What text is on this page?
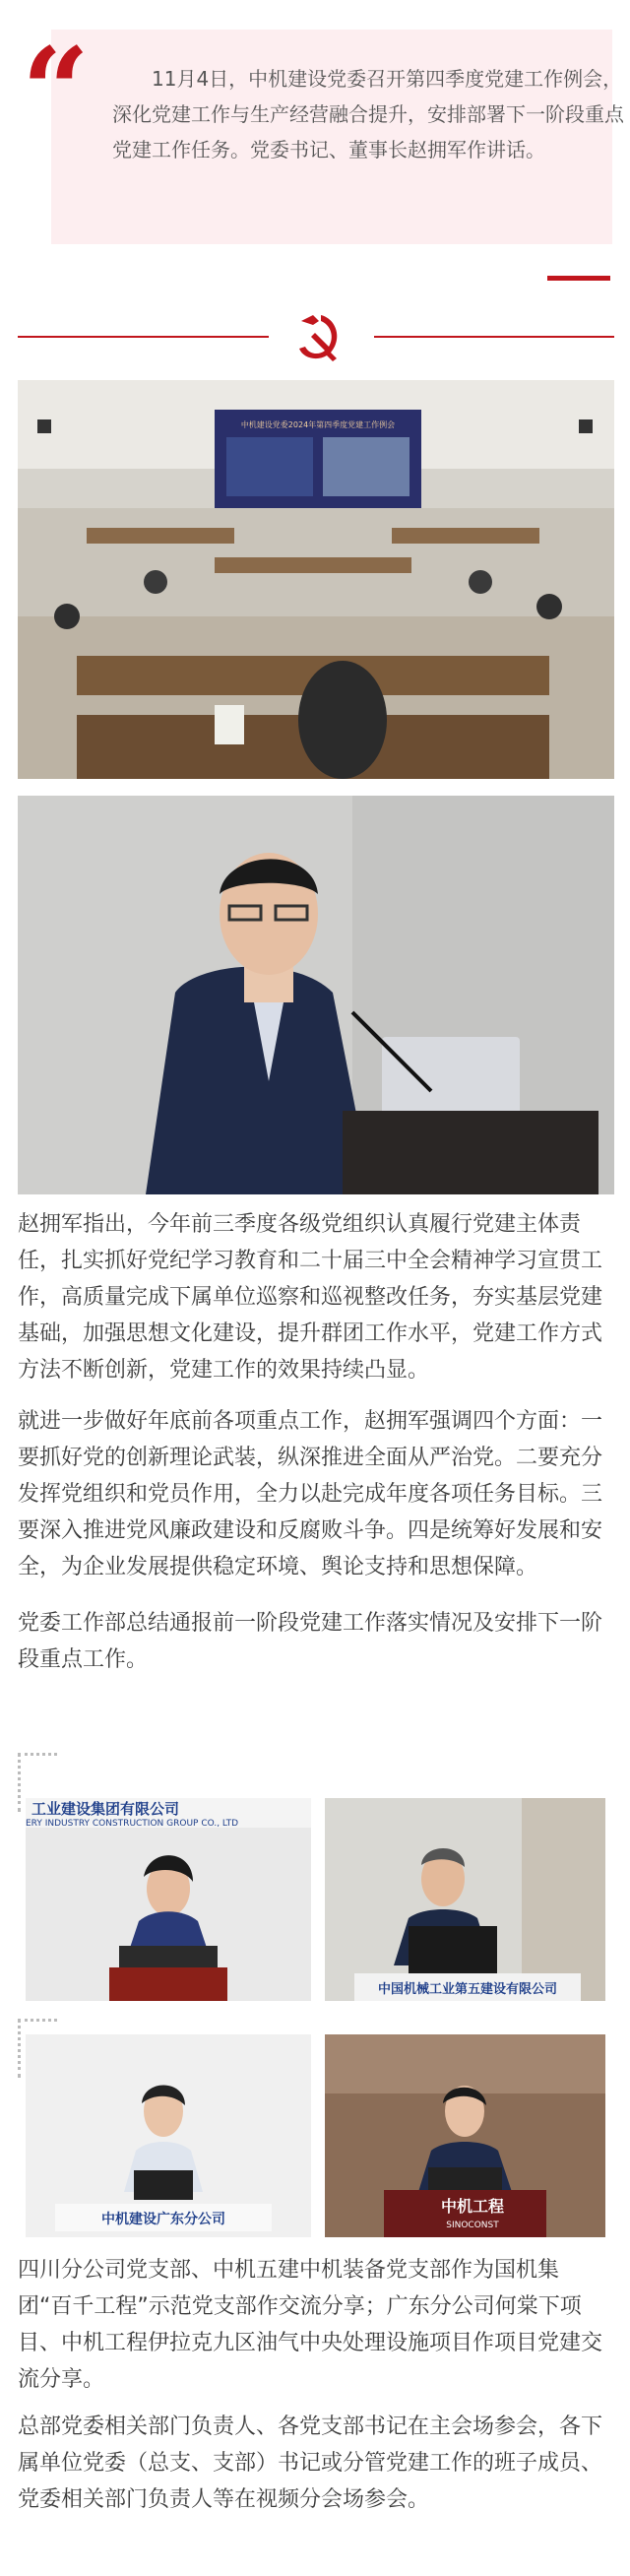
11月4日，中机建设党委召开第四季度党建工作例会，深化党建工作与生产经营融合提升，安排部署下一阶段重点党建工作任务。党委书记、董事长赵拥军作讲话。
“
中机建设党委2024年第四季度党建工作例会
赵拥军指出，今年前三季度各级党组织认真履行党建主体责任，扎实抓好党纪学习教育和二十届三中全会精神学习宣贯工作，高质量完成下属单位巡察和巡视整改任务，夯实基层党建基础，加强思想文化建设，提升群团工作水平，党建工作方式方法不断创新，党建工作的效果持续凸显。
就进一步做好年底前各项重点工作，赵拥军强调四个方面：一要抓好党的创新理论武装，纵深推进全面从严治党。二要充分发挥党组织和党员作用，全力以赴完成年度各项任务目标。三要深入推进党风廉政建设和反腐败斗争。四是统筹好发展和安全，为企业发展提供稳定环境、舆论支持和思想保障。
党委工作部总结通报前一阶段党建工作落实情况及安排下一阶段重点工作。
工业建设集团有限公司
ERY INDUSTRY CONSTRUCTION GROUP CO., LTD
中国机械工业第五建设有限公司
中机建设广东分公司
中机工程
SINOCONST
四川分公司党支部、中机五建中机装备党支部作为国机集团“百千工程”示范党支部作交流分享；广东分公司何棠下项目、中机工程伊拉克九区油气中央处理设施项目作项目党建交流分享。
总部党委相关部门负责人、各党支部书记在主会场参会，各下属单位党委（总支、支部）书记或分管党建工作的班子成员、党委相关部门负责人等在视频分会场参会。
